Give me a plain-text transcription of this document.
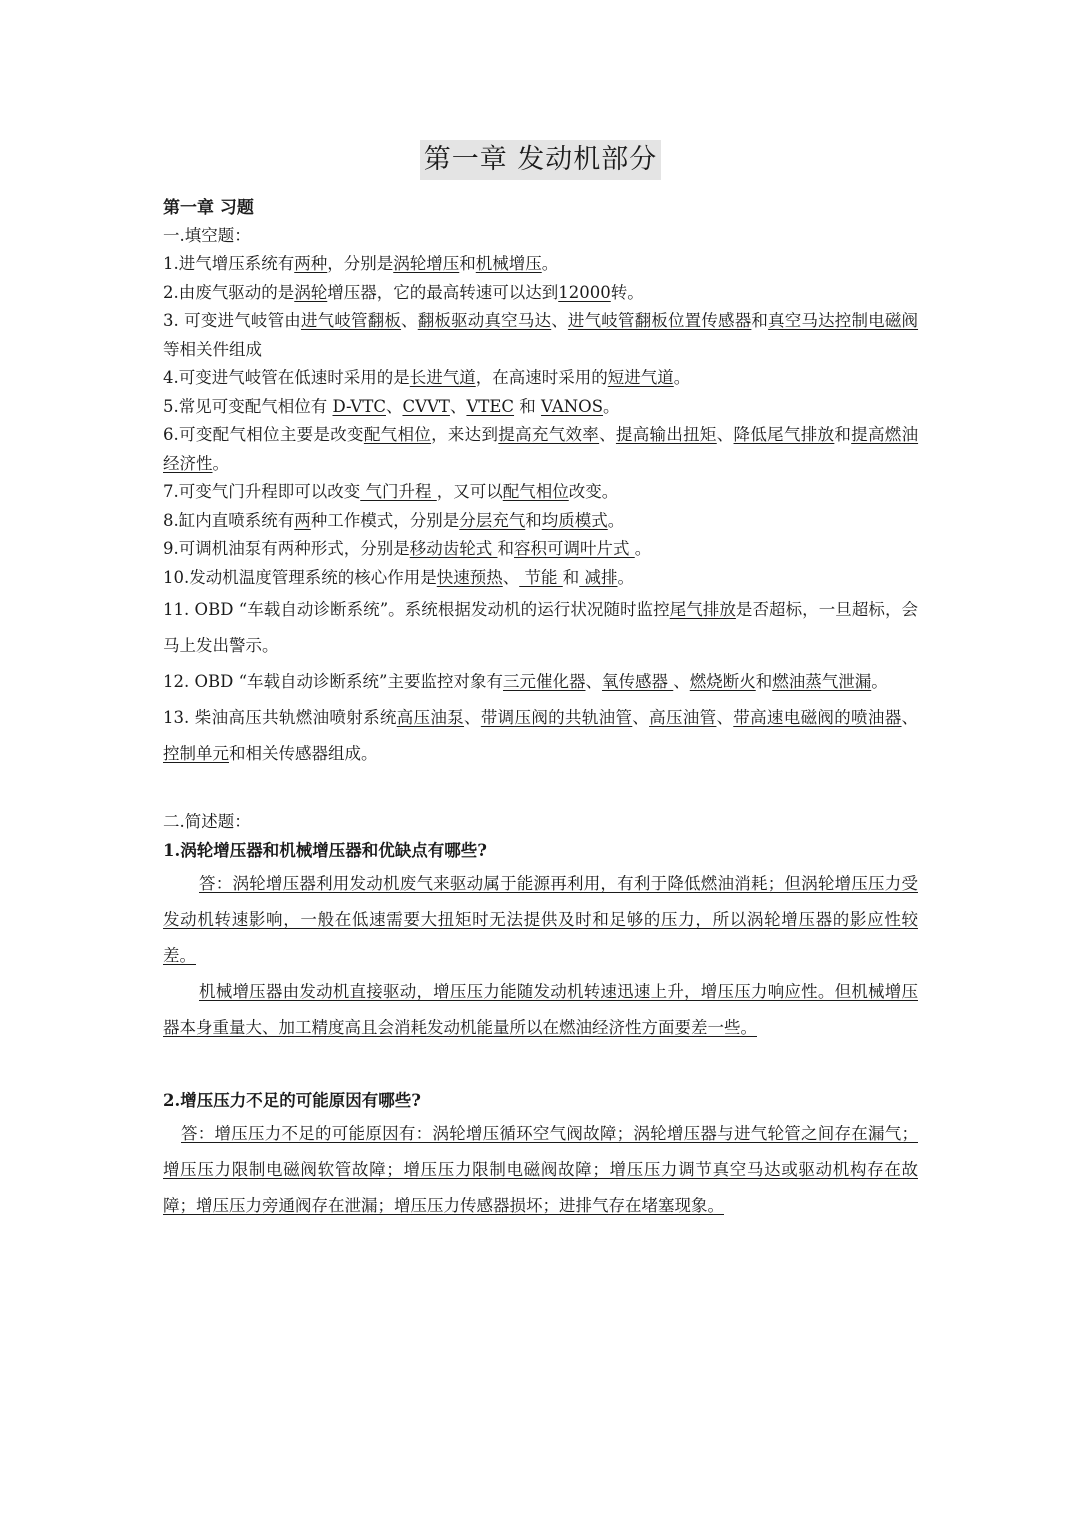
第一章 发动机部分
第一章 习题
一.填空题：

1.进气增压系统有两种，分别是涡轮增压和机械增压。

2.由废气驱动的是涡轮增压器，它的最高转速可以达到12000转。

3. 可变进气岐管由进气岐管翻板、翻板驱动真空马达、进气岐管翻板位置传感器和真空马达控制电磁阀等相关件组成

4.可变进气岐管在低速时采用的是长进气道，在高速时采用的短进气道。

5.常见可变配气相位有 D-VTC、CVVT、VTEC 和 VANOS。

6.可变配气相位主要是改变配气相位，来达到提高充气效率、提高输出扭矩、降低尾气排放和提高燃油经济性。

7.可变气门升程即可以改变 气门升程 ，又可以配气相位改变。

8.缸内直喷系统有两种工作模式，分别是分层充气和均质模式。

9.可调机油泵有两种形式，分别是移动齿轮式 和容积可调叶片式 。

10.发动机温度管理系统的核心作用是快速预热、 节能 和 减排。

11. OBD “车载自动诊断系统”。系统根据发动机的运行状况随时监控尾气排放是否超标，一旦超标，会马上发出警示。

12. OBD “车载自动诊断系统”主要监控对象有三元催化器、氧传感器 、燃烧断火和燃油蒸气泄漏。

13. 柴油高压共轨燃油喷射系统高压油泵、带调压阀的共轨油管、高压油管、带高速电磁阀的喷油器、控制单元和相关传感器组成。

二.简述题：
1.涡轮增压器和机械增压器和优缺点有哪些?

答：涡轮增压器利用发动机废气来驱动属于能源再利用，有利于降低燃油消耗；但涡轮增压压力受发动机转速影响，一般在低速需要大扭矩时无法提供及时和足够的压力，所以涡轮增压器的影应性较差。

机械增压器由发动机直接驱动，增压压力能随发动机转速迅速上升，增压压力响应性。但机械增压器本身重量大、加工精度高且会消耗发动机能量所以在燃油经济性方面要差一些。

2.增压压力不足的可能原因有哪些?

答：增压压力不足的可能原因有：涡轮增压循环空气阀故障；涡轮增压器与进气轮管之间存在漏气；增压压力限制电磁阀软管故障；增压压力限制电磁阀故障；增压压力调节真空马达或驱动机构存在故障；增压压力旁通阀存在泄漏；增压压力传感器损坏；进排气存在堵塞现象。
